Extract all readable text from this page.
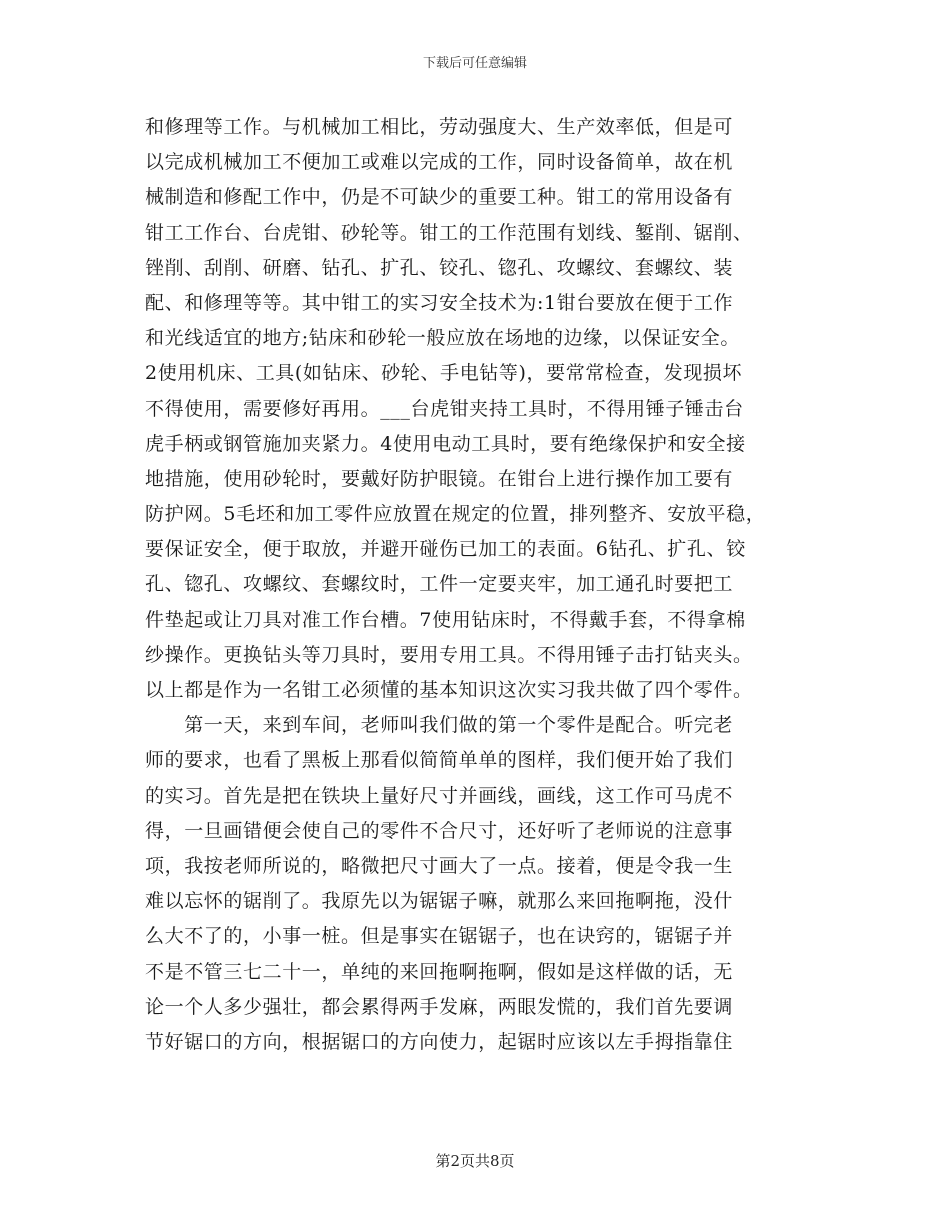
下载后可任意编辑
和修理等工作。与机械加工相比，劳动强度大、生产效率低，但是可
以完成机械加工不便加工或难以完成的工作，同时设备简单，故在机
械制造和修配工作中，仍是不可缺少的重要工种。钳工的常用设备有
钳工工作台、台虎钳、砂轮等。钳工的工作范围有划线、錾削、锯削、
锉削、刮削、研磨、钻孔、扩孔、铰孔、锪孔、攻螺纹、套螺纹、装
配、和修理等等。其中钳工的实习安全技术为:1钳台要放在便于工作
和光线适宜的地方;钻床和砂轮一般应放在场地的边缘，以保证安全。
2使用机床、工具(如钻床、砂轮、手电钻等)，要常常检查，发现损坏
不得使用，需要修好再用。___台虎钳夹持工具时，不得用锤子锤击台
虎手柄或钢管施加夹紧力。4使用电动工具时，要有绝缘保护和安全接
地措施，使用砂轮时，要戴好防护眼镜。在钳台上进行操作加工要有
防护网。5毛坯和加工零件应放置在规定的位置，排列整齐、安放平稳，
要保证安全，便于取放，并避开碰伤已加工的表面。6钻孔、扩孔、铰
孔、锪孔、攻螺纹、套螺纹时，工件一定要夹牢，加工通孔时要把工
件垫起或让刀具对准工作台槽。7使用钻床时，不得戴手套，不得拿棉
纱操作。更换钻头等刀具时，要用专用工具。不得用锤子击打钻夹头。
以上都是作为一名钳工必须懂的基本知识这次实习我共做了四个零件。
　　第一天，来到车间，老师叫我们做的第一个零件是配合。听完老
师的要求，也看了黑板上那看似简简单单的图样，我们便开始了我们
的实习。首先是把在铁块上量好尺寸并画线，画线，这工作可马虎不
得，一旦画错便会使自己的零件不合尺寸，还好听了老师说的注意事
项，我按老师所说的，略微把尺寸画大了一点。接着，便是令我一生
难以忘怀的锯削了。我原先以为锯锯子嘛，就那么来回拖啊拖，没什
么大不了的，小事一桩。但是事实在锯锯子，也在诀窍的，锯锯子并
不是不管三七二十一，单纯的来回拖啊拖啊，假如是这样做的话，无
论一个人多少强壮，都会累得两手发麻，两眼发慌的，我们首先要调
节好锯口的方向，根据锯口的方向使力，起锯时应该以左手拇指靠住
第2页共8页
